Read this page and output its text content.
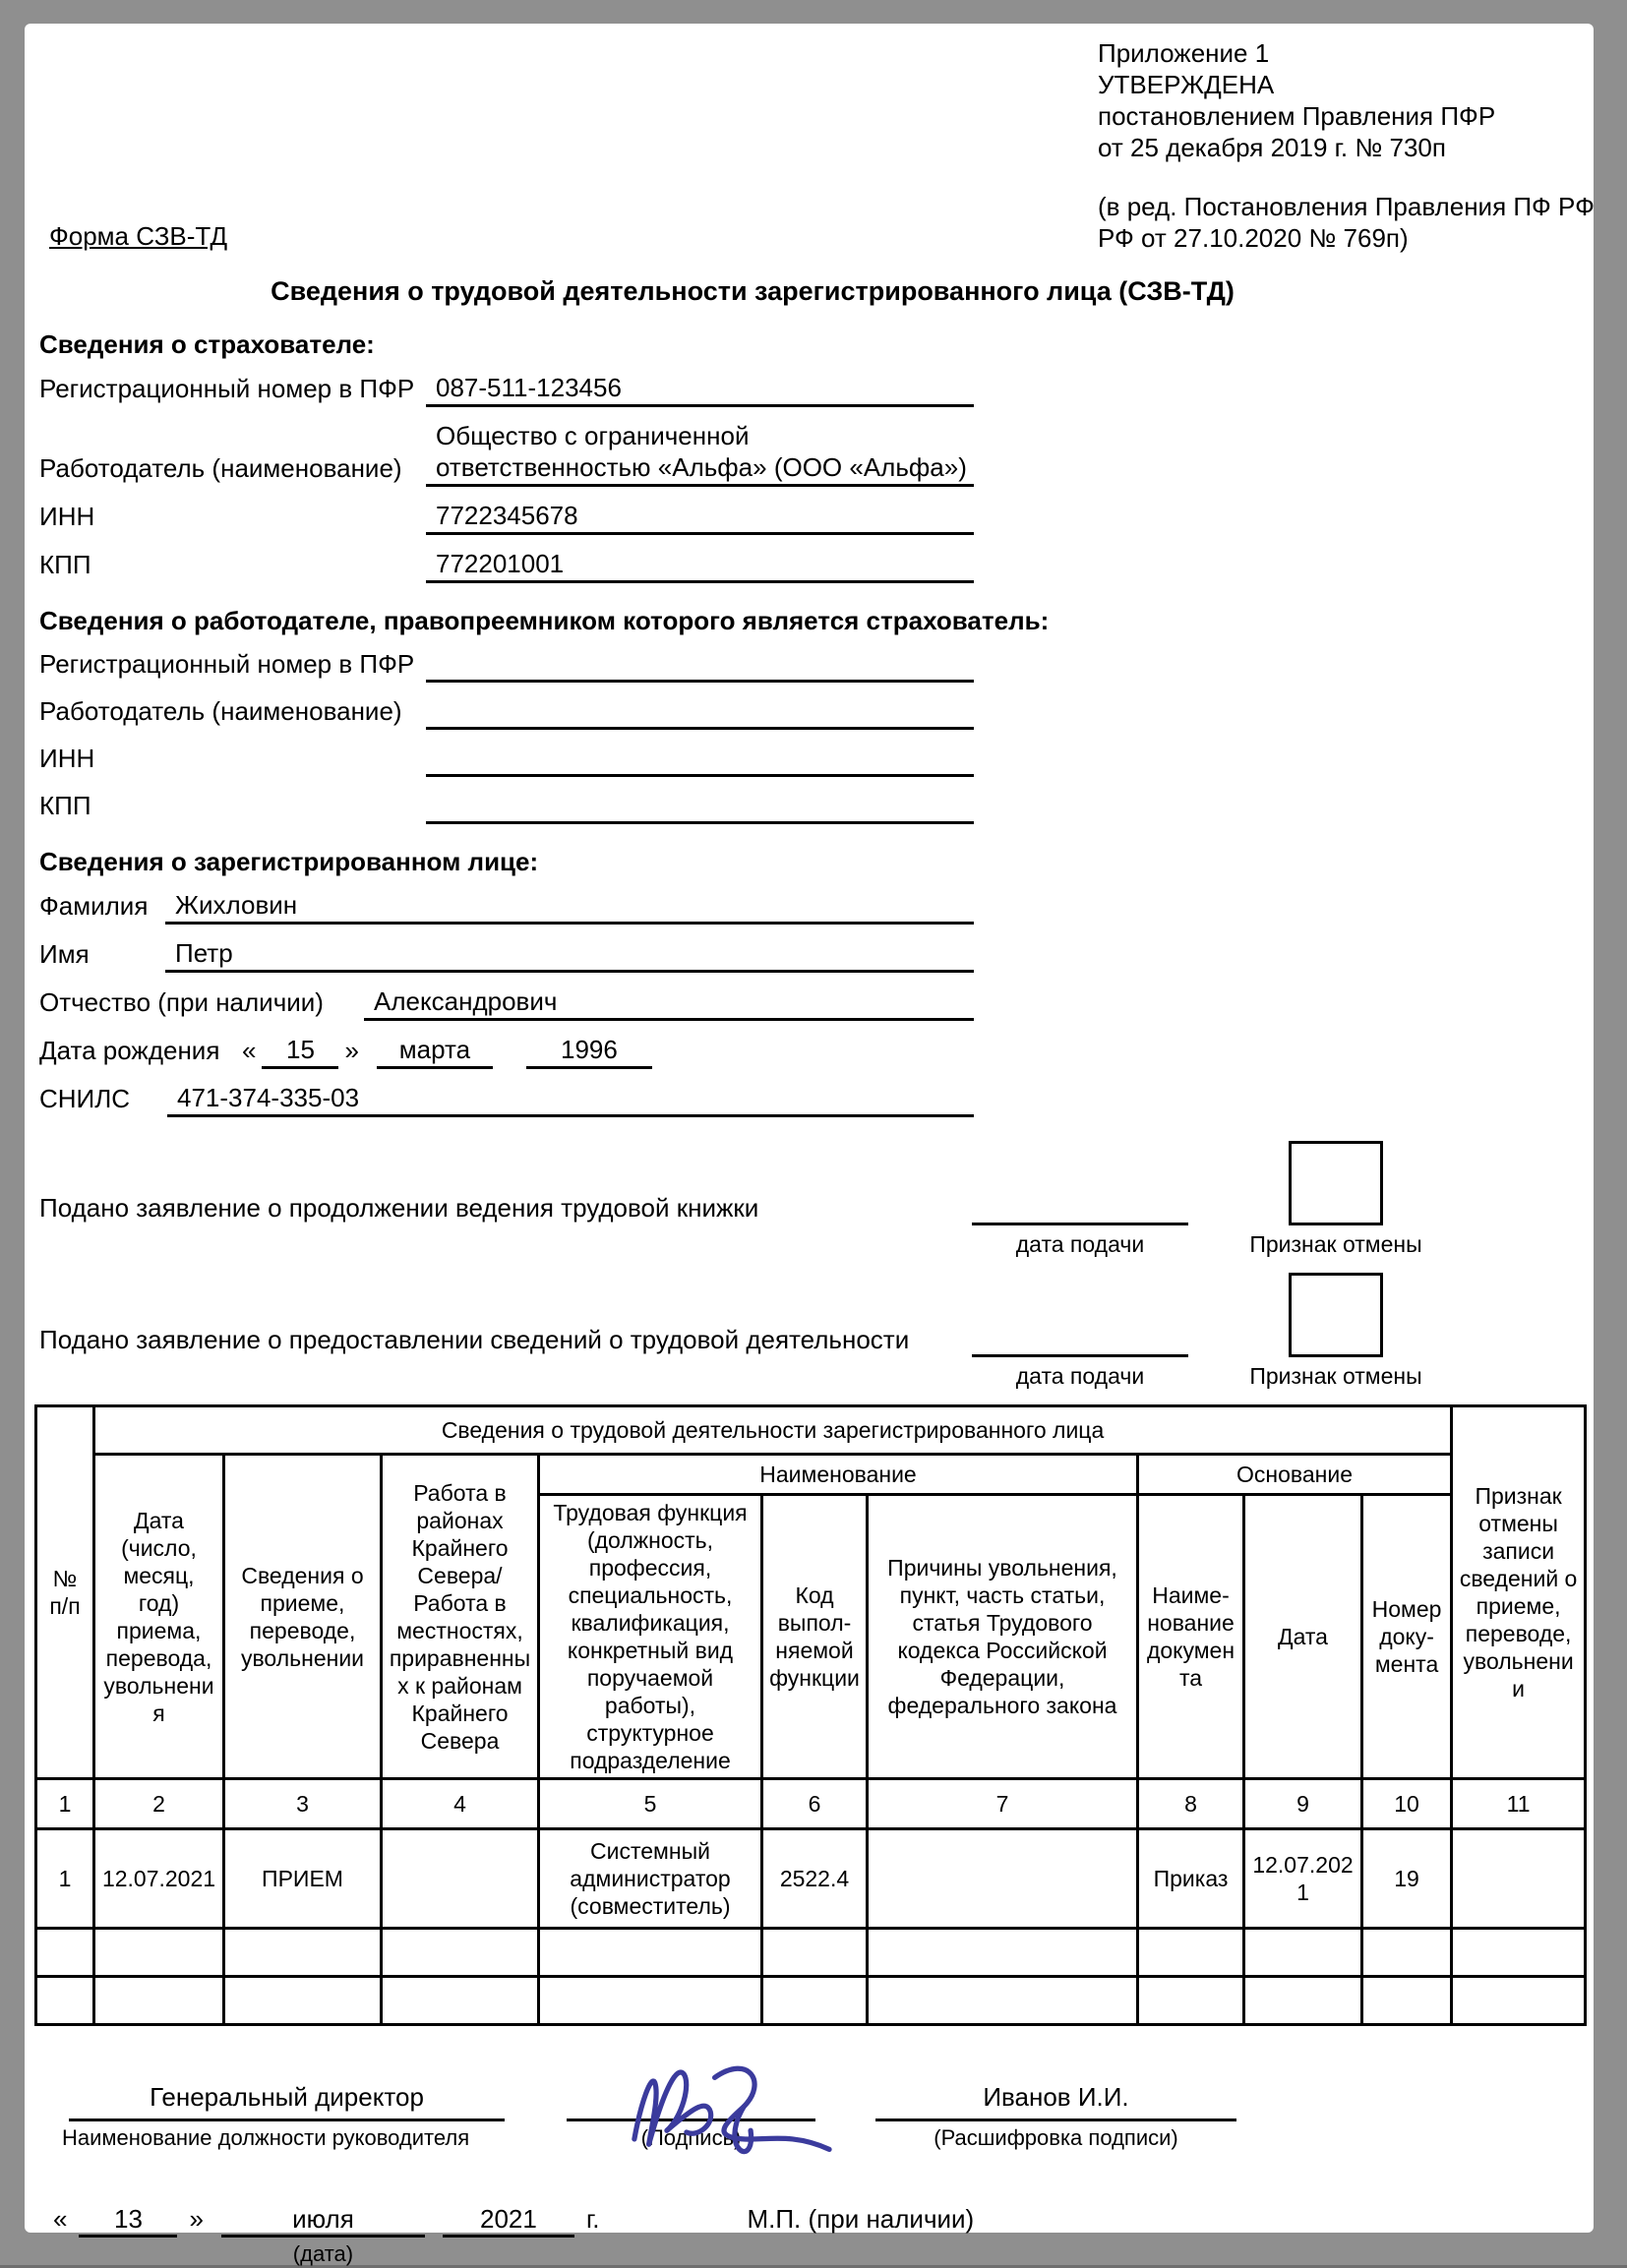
Форма СЗВ-ТД
Приложение 1
УТВЕРЖДЕНА
постановлением Правления ПФР
от 25 декабря 2019 г. № 730п
(в ред. Постановления Правления ПФ РФ
РФ от 27.10.2020 № 769п)
Сведения о трудовой деятельности зарегистрированного лица (СЗВ-ТД)
Сведения о страхователе:
Регистрационный номер в ПФР 087-511-123456
Работодатель (наименование)
Общество с ограниченной ответственностью «Альфа» (ООО «Альфа»)
ИНН	7722345678
КПП	772201001
Сведения о работодателе, правопреемником которого является страхователь:
Регистрационный номер в ПФР
Работодатель (наименование)
ИНН
КПП
Сведения о зарегистрированном лице:
Фамилия	Жихловин
Имя	Петр
Отчество (при наличии)	Александрович
Дата рождения «	15	»	марта	1996
СНИЛС	471-374-335-03
Подано заявление о продолжении ведения трудовой книжки
дата подачи	Признак отмены
Подано заявление о предоставлении сведений о трудовой деятельности
дата подачи	Признак отмены
№ п/п	Сведения о трудовой деятельности зарегистрированного лица									Признак отмены записи сведений о приеме, переводе, увольнении
	Дата (число, месяц, год) приема, перевода, увольнения	Сведения о приеме, переводе, увольнении	Работа в районах Крайнего Севера/Работа в местностях, приравненных к районам Крайнего Севера	Наименование			Основание			
				Трудовая функция (должность, профессия, специальность, квалификация, конкретный вид поручаемой работы), структурное подразделение	Код выпол-няемой функции	Причины увольнения, пункт, часть статьи, статья Трудового кодекса Российской Федерации, федерального закона	Наиме-нование документа	Дата	Номер доку-мента	
1	2	3	4	5	6	7	8	9	10	11
1	12.07.2021	ПРИЕМ		Системный администратор (совместитель)	2522.4		Приказ	12.07.2021	19	

Генеральный директор
Наименование должности руководителя	(Подпись)
Иванов И.И.
(Расшифровка подписи)
«	13	»	июля
(дата)
2021	г.	М.П. (при наличии)
